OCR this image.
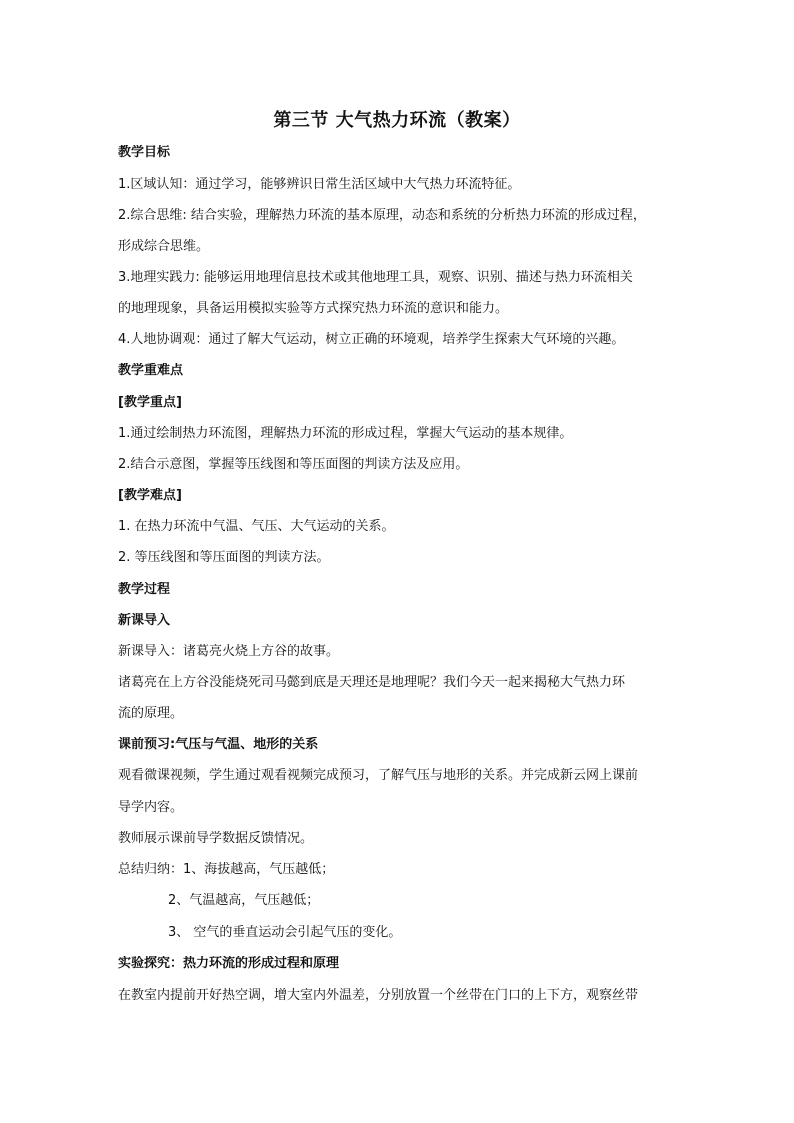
第三节 大气热力环流（教案）
教学目标
1.区域认知：通过学习，能够辨识日常生活区域中大气热力环流特征。
2.综合思维: 结合实验，理解热力环流的基本原理，动态和系统的分析热力环流的形成过程，
形成综合思维。
3.地理实践力: 能够运用地理信息技术或其他地理工具，观察、识别、描述与热力环流相关
的地理现象，具备运用模拟实验等方式探究热力环流的意识和能力。
4.人地协调观：通过了解大气运动，树立正确的环境观，培养学生探索大气环境的兴趣。
教学重难点
[教学重点]
1.通过绘制热力环流图，理解热力环流的形成过程，掌握大气运动的基本规律。
2.结合示意图，掌握等压线图和等压面图的判读方法及应用。
[教学难点]
1. 在热力环流中气温、气压、大气运动的关系。
2. 等压线图和等压面图的判读方法。
教学过程
新课导入
新课导入：诸葛亮火烧上方谷的故事。
诸葛亮在上方谷没能烧死司马懿到底是天理还是地理呢？我们今天一起来揭秘大气热力环
流的原理。
课前预习:气压与气温、地形的关系
观看微课视频，学生通过观看视频完成预习，了解气压与地形的关系。并完成新云网上课前
导学内容。
教师展示课前导学数据反馈情况。
总结归纳：1、海拔越高，气压越低；
2、气温越高，气压越低；
3、 空气的垂直运动会引起气压的变化。
实验探究：热力环流的形成过程和原理
在教室内提前开好热空调，增大室内外温差，分别放置一个丝带在门口的上下方，观察丝带
